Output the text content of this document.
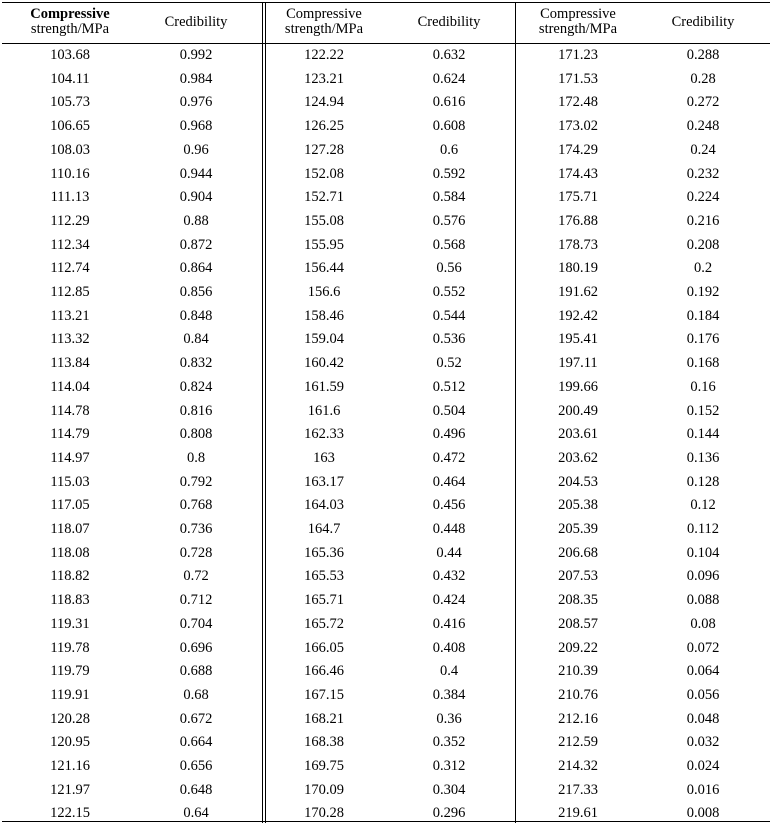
Compressive
strength/MPa	Credibility
103.68	0.992
104.11	0.984
105.73	0.976
106.65	0.968
108.03	0.96
110.16	0.944
111.13	0.904
112.29	0.88
112.34	0.872
112.74	0.864
112.85	0.856
113.21	0.848
113.32	0.84
113.84	0.832
114.04	0.824
114.78	0.816
114.79	0.808
114.97	0.8
115.03	0.792
117.05	0.768
118.07	0.736
118.08	0.728
118.82	0.72
118.83	0.712
119.31	0.704
119.78	0.696
119.79	0.688
119.91	0.68
120.28	0.672
120.95	0.664
121.16	0.656
121.97	0.648
122.15	0.64
Compressive
strength/MPa	Credibility
122.22	0.632
123.21	0.624
124.94	0.616
126.25	0.608
127.28	0.6
152.08	0.592
152.71	0.584
155.08	0.576
155.95	0.568
156.44	0.56
156.6	0.552
158.46	0.544
159.04	0.536
160.42	0.52
161.59	0.512
161.6	0.504
162.33	0.496
163	0.472
163.17	0.464
164.03	0.456
164.7	0.448
165.36	0.44
165.53	0.432
165.71	0.424
165.72	0.416
166.05	0.408
166.46	0.4
167.15	0.384
168.21	0.36
168.38	0.352
169.75	0.312
170.09	0.304
170.28	0.296
Compressive
strength/MPa	Credibility
171.23	0.288
171.53	0.28
172.48	0.272
173.02	0.248
174.29	0.24
174.43	0.232
175.71	0.224
176.88	0.216
178.73	0.208
180.19	0.2
191.62	0.192
192.42	0.184
195.41	0.176
197.11	0.168
199.66	0.16
200.49	0.152
203.61	0.144
203.62	0.136
204.53	0.128
205.38	0.12
205.39	0.112
206.68	0.104
207.53	0.096
208.35	0.088
208.57	0.08
209.22	0.072
210.39	0.064
210.76	0.056
212.16	0.048
212.59	0.032
214.32	0.024
217.33	0.016
219.61	0.008
